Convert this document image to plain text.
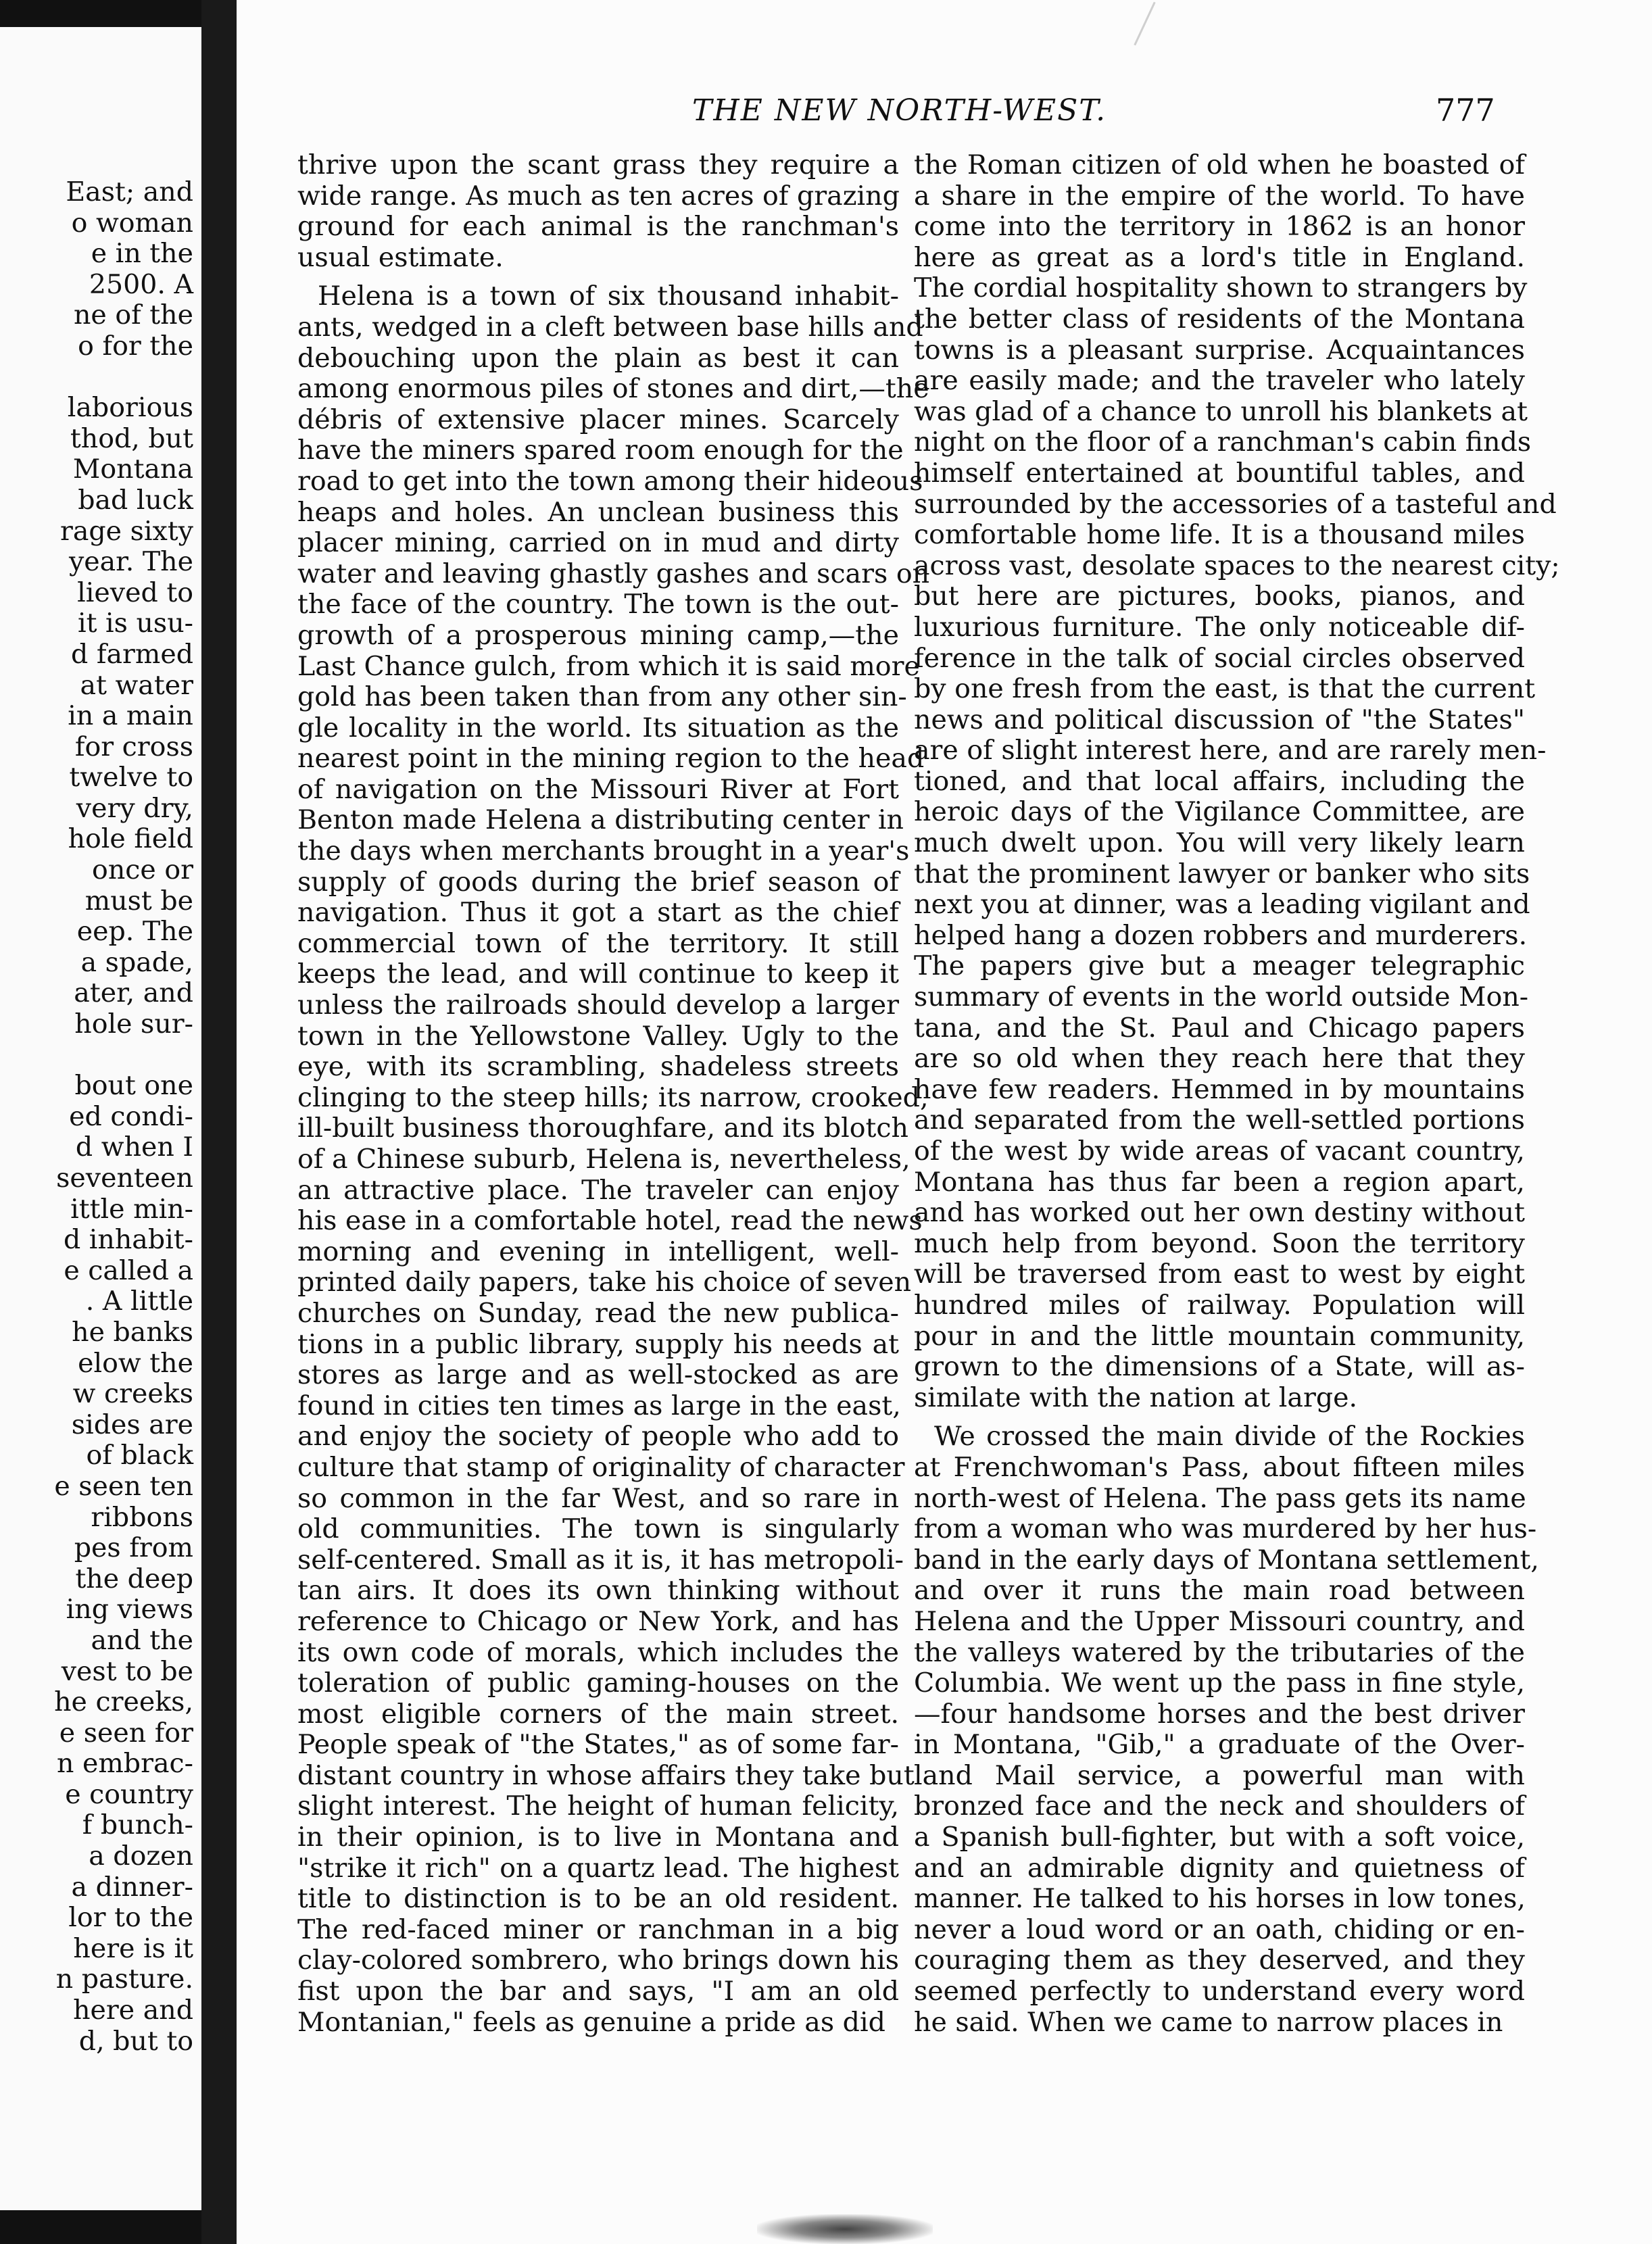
East; and
o woman
e in the
2500. A
ne of the
o for the

laborious
thod, but
Montana
bad luck
rage sixty
year. The
lieved to
it is usu-
d farmed
at water
in a main
for cross
twelve to
very dry,
hole field
once or
must be
eep. The
a spade,
ater, and
hole sur-

bout one
ed condi-
d when I
seventeen
ittle min-
d inhabit-
e called a
. A little
he banks
elow the
w creeks
sides are
of black
e seen ten
ribbons
pes from
the deep
ing views
and the
vest to be
he creeks,
e seen for
n embrac-
e country
f bunch-
a dozen
a dinner-
lor to the
here is it
n pasture.
here and
d, but to
THE NEW NORTH-WEST.	777
thrive upon the scant grass they require a
wide range. As much as ten acres of grazing
ground for each animal is the ranchman's
usual estimate.
Helena is a town of six thousand inhabit-
ants, wedged in a cleft between base hills and
debouching upon the plain as best it can
among enormous piles of stones and dirt,—the
débris of extensive placer mines. Scarcely
have the miners spared room enough for the
road to get into the town among their hideous
heaps and holes. An unclean business this
placer mining, carried on in mud and dirty
water and leaving ghastly gashes and scars on
the face of the country. The town is the out-
growth of a prosperous mining camp,—the
Last Chance gulch, from which it is said more
gold has been taken than from any other sin-
gle locality in the world. Its situation as the
nearest point in the mining region to the head
of navigation on the Missouri River at Fort
Benton made Helena a distributing center in
the days when merchants brought in a year's
supply of goods during the brief season of
navigation. Thus it got a start as the chief
commercial town of the territory. It still
keeps the lead, and will continue to keep it
unless the railroads should develop a larger
town in the Yellowstone Valley. Ugly to the
eye, with its scrambling, shadeless streets
clinging to the steep hills; its narrow, crooked,
ill-built business thoroughfare, and its blotch
of a Chinese suburb, Helena is, nevertheless,
an attractive place. The traveler can enjoy
his ease in a comfortable hotel, read the news
morning and evening in intelligent, well-
printed daily papers, take his choice of seven
churches on Sunday, read the new publica-
tions in a public library, supply his needs at
stores as large and as well-stocked as are
found in cities ten times as large in the east,
and enjoy the society of people who add to
culture that stamp of originality of character
so common in the far West, and so rare in
old communities. The town is singularly
self-centered. Small as it is, it has metropoli-
tan airs. It does its own thinking without
reference to Chicago or New York, and has
its own code of morals, which includes the
toleration of public gaming-houses on the
most eligible corners of the main street.
People speak of "the States," as of some far-
distant country in whose affairs they take but
slight interest. The height of human felicity,
in their opinion, is to live in Montana and
"strike it rich" on a quartz lead. The highest
title to distinction is to be an old resident.
The red-faced miner or ranchman in a big
clay-colored sombrero, who brings down his
fist upon the bar and says, "I am an old
Montanian," feels as genuine a pride as did
the Roman citizen of old when he boasted of
a share in the empire of the world. To have
come into the territory in 1862 is an honor
here as great as a lord's title in England.
The cordial hospitality shown to strangers by
the better class of residents of the Montana
towns is a pleasant surprise. Acquaintances
are easily made; and the traveler who lately
was glad of a chance to unroll his blankets at
night on the floor of a ranchman's cabin finds
himself entertained at bountiful tables, and
surrounded by the accessories of a tasteful and
comfortable home life. It is a thousand miles
across vast, desolate spaces to the nearest city;
but here are pictures, books, pianos, and
luxurious furniture. The only noticeable dif-
ference in the talk of social circles observed
by one fresh from the east, is that the current
news and political discussion of "the States"
are of slight interest here, and are rarely men-
tioned, and that local affairs, including the
heroic days of the Vigilance Committee, are
much dwelt upon. You will very likely learn
that the prominent lawyer or banker who sits
next you at dinner, was a leading vigilant and
helped hang a dozen robbers and murderers.
The papers give but a meager telegraphic
summary of events in the world outside Mon-
tana, and the St. Paul and Chicago papers
are so old when they reach here that they
have few readers. Hemmed in by mountains
and separated from the well-settled portions
of the west by wide areas of vacant country,
Montana has thus far been a region apart,
and has worked out her own destiny without
much help from beyond. Soon the territory
will be traversed from east to west by eight
hundred miles of railway. Population will
pour in and the little mountain community,
grown to the dimensions of a State, will as-
similate with the nation at large.
We crossed the main divide of the Rockies
at Frenchwoman's Pass, about fifteen miles
north-west of Helena. The pass gets its name
from a woman who was murdered by her hus-
band in the early days of Montana settlement,
and over it runs the main road between
Helena and the Upper Missouri country, and
the valleys watered by the tributaries of the
Columbia. We went up the pass in fine style,
—four handsome horses and the best driver
in Montana, "Gib," a graduate of the Over-
land Mail service, a powerful man with
bronzed face and the neck and shoulders of
a Spanish bull-fighter, but with a soft voice,
and an admirable dignity and quietness of
manner. He talked to his horses in low tones,
never a loud word or an oath, chiding or en-
couraging them as they deserved, and they
seemed perfectly to understand every word
he said. When we came to narrow places in
